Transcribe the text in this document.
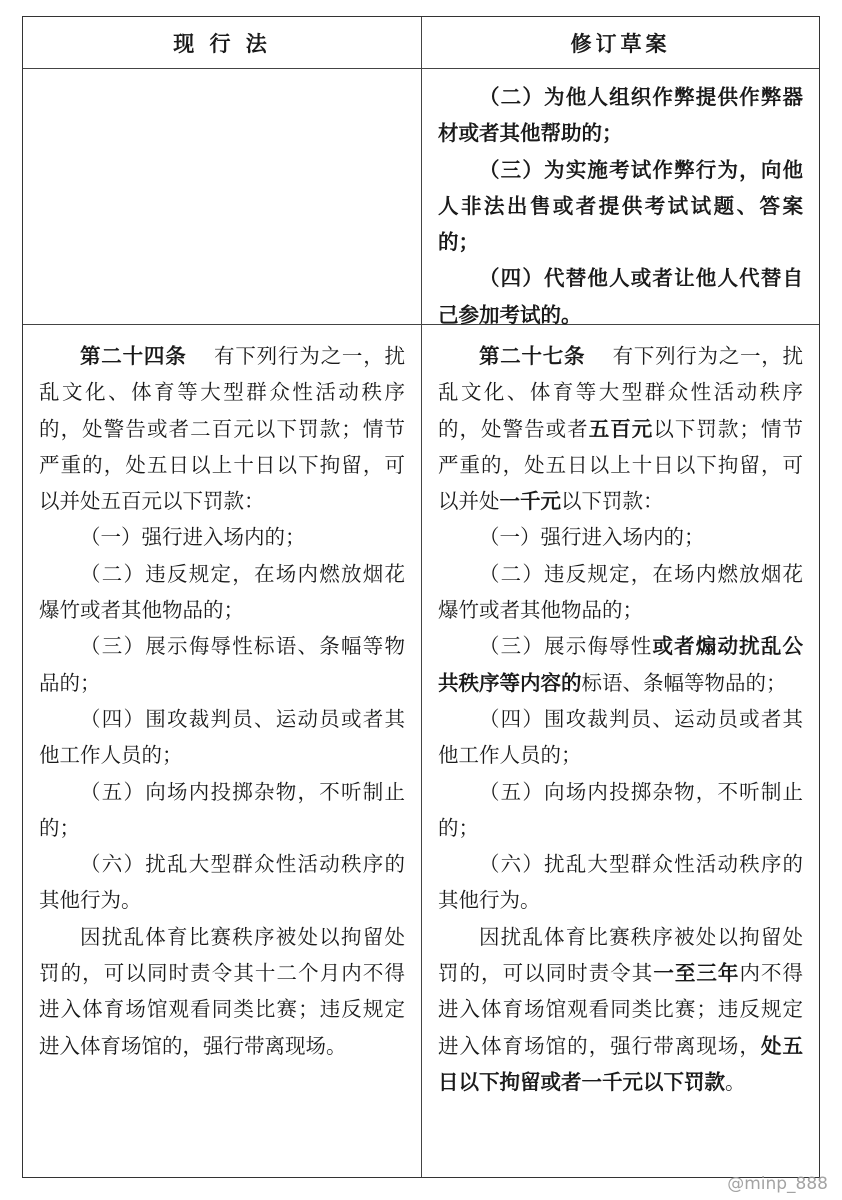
现 行 法	修订草案

（二）为他人组织作弊提供作弊器材或者其他帮助的；

（三）为实施考试作弊行为，向他人非法出售或者提供考试试题、答案的；

（四）代替他人或者让他人代替自己参加考试的。

第二十四条 有下列行为之一，扰乱文化、体育等大型群众性活动秩序的，处警告或者二百元以下罚款；情节严重的，处五日以上十日以下拘留，可以并处五百元以下罚款：

（一）强行进入场内的；

（二）违反规定，在场内燃放烟花爆竹或者其他物品的；

（三）展示侮辱性标语、条幅等物品的；

（四）围攻裁判员、运动员或者其他工作人员的；

（五）向场内投掷杂物，不听制止的；

（六）扰乱大型群众性活动秩序的其他行为。

因扰乱体育比赛秩序被处以拘留处罚的，可以同时责令其十二个月内不得进入体育场馆观看同类比赛；违反规定进入体育场馆的，强行带离现场。

第二十七条 有下列行为之一，扰乱文化、体育等大型群众性活动秩序的，处警告或者五百元以下罚款；情节严重的，处五日以上十日以下拘留，可以并处一千元以下罚款：

（一）强行进入场内的；

（二）违反规定，在场内燃放烟花爆竹或者其他物品的；

（三）展示侮辱性或者煽动扰乱公共秩序等内容的标语、条幅等物品的；

（四）围攻裁判员、运动员或者其他工作人员的；

（五）向场内投掷杂物，不听制止的；

（六）扰乱大型群众性活动秩序的其他行为。

因扰乱体育比赛秩序被处以拘留处罚的，可以同时责令其一至三年内不得进入体育场馆观看同类比赛；违反规定进入体育场馆的，强行带离现场，处五日以下拘留或者一千元以下罚款。

@minp_888
